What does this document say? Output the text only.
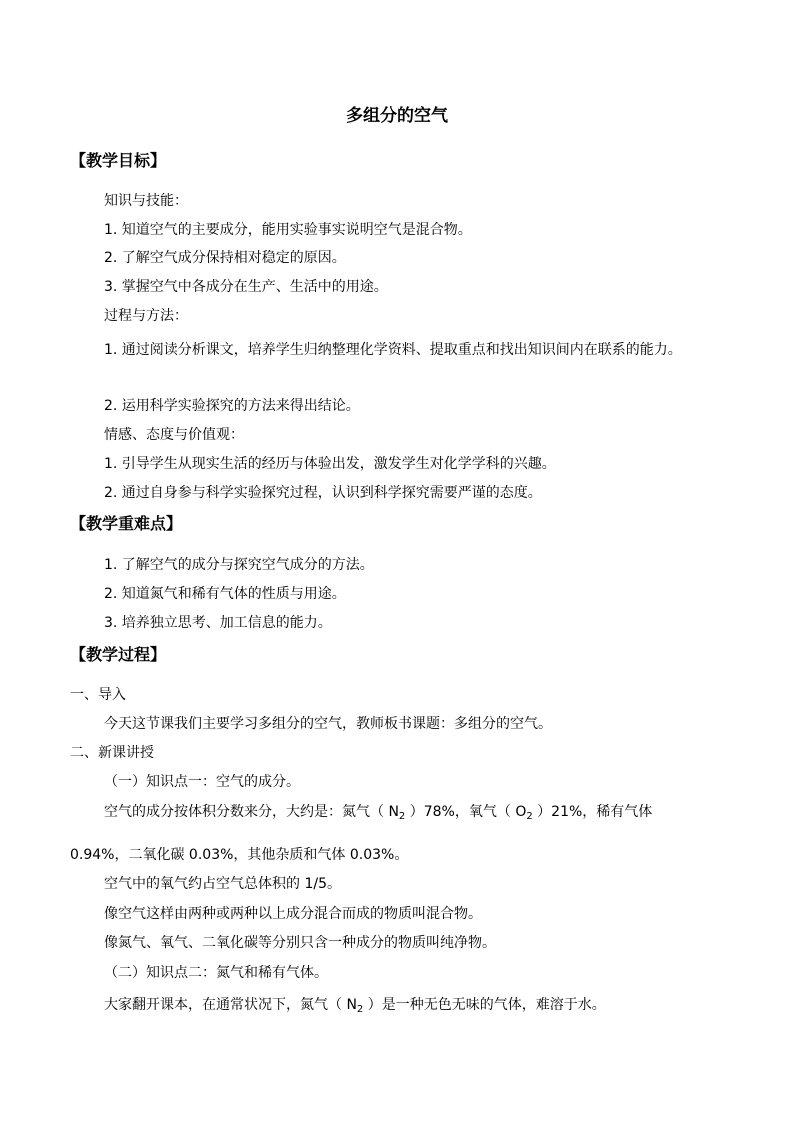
多组分的空气
【教学目标】
知识与技能：
1. 知道空气的主要成分，能用实验事实说明空气是混合物。
2. 了解空气成分保持相对稳定的原因。
3. 掌握空气中各成分在生产、生活中的用途。
过程与方法：
1. 通过阅读分析课文，培养学生归纳整理化学资料、提取重点和找出知识间内在联系的能力。
2. 运用科学实验探究的方法来得出结论。
情感、态度与价值观：
1. 引导学生从现实生活的经历与体验出发，激发学生对化学学科的兴趣。
2. 通过自身参与科学实验探究过程，认识到科学探究需要严谨的态度。
【教学重难点】
1. 了解空气的成分与探究空气成分的方法。
2. 知道氮气和稀有气体的性质与用途。
3. 培养独立思考、加工信息的能力。
【教学过程】
一、导入
今天这节课我们主要学习多组分的空气，教师板书课题：多组分的空气。
二、新课讲授
（一）知识点一：空气的成分。
空气的成分按体积分数来分，大约是：氮气（ $N_2$ ）78%，氧气（ $O_2$ ）21%，稀有气体
0.94%，二氧化碳 0.03%，其他杂质和气体 0.03%。
空气中的氧气约占空气总体积的 1/5。
像空气这样由两种或两种以上成分混合而成的物质叫混合物。
像氮气、氧气、二氧化碳等分别只含一种成分的物质叫纯净物。
（二）知识点二：氮气和稀有气体。
大家翻开课本，在通常状况下，氮气（ $N_2$ ）是一种无色无味的气体，难溶于水。
